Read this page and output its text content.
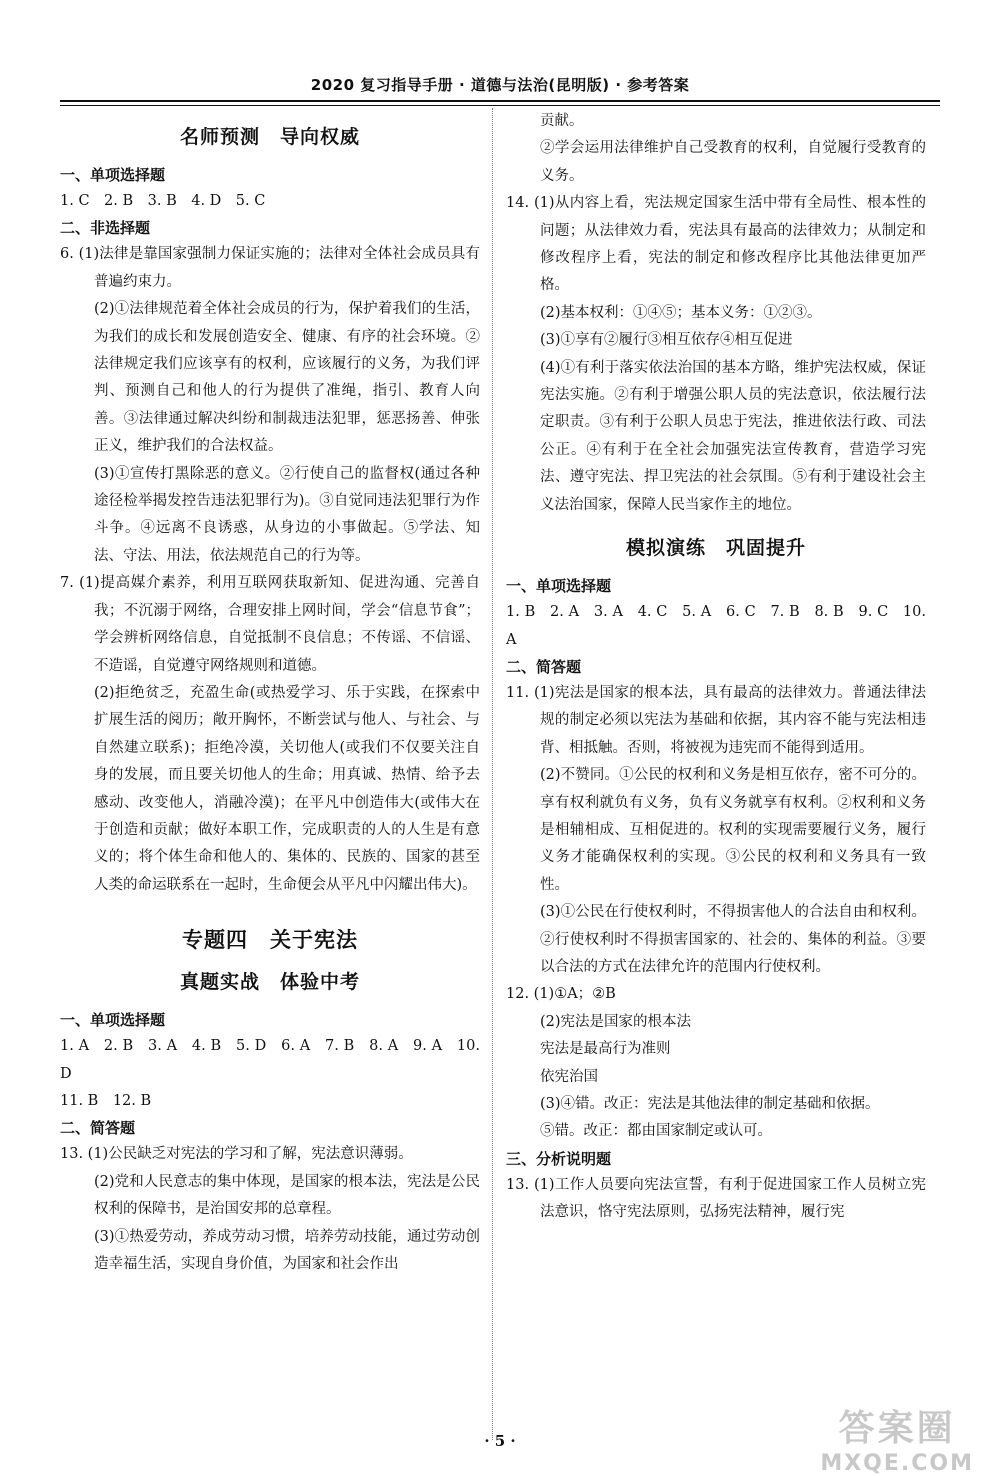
2020 复习指导手册 · 道德与法治(昆明版) · 参考答案
名师预测　导向权威

一、单项选择题

1. C　2. B　3. B　4. D　5. C

二、非选择题

6. (1)法律是靠国家强制力保证实施的；法律对全体社会成员具有普遍约束力。

(2)①法律规范着全体社会成员的行为，保护着我们的生活，为我们的成长和发展创造安全、健康、有序的社会环境。②法律规定我们应该享有的权利，应该履行的义务，为我们评判、预测自己和他人的行为提供了准绳，指引、教育人向善。③法律通过解决纠纷和制裁违法犯罪，惩恶扬善、伸张正义，维护我们的合法权益。

(3)①宣传打黑除恶的意义。②行使自己的监督权(通过各种途径检举揭发控告违法犯罪行为)。③自觉同违法犯罪行为作斗争。④远离不良诱惑，从身边的小事做起。⑤学法、知法、守法、用法，依法规范自己的行为等。

7. (1)提高媒介素养，利用互联网获取新知、促进沟通、完善自我；不沉溺于网络，合理安排上网时间，学会“信息节食”；学会辨析网络信息，自觉抵制不良信息；不传谣、不信谣、不造谣，自觉遵守网络规则和道德。

(2)拒绝贫乏，充盈生命(或热爱学习、乐于实践，在探索中扩展生活的阅历；敞开胸怀，不断尝试与他人、与社会、与自然建立联系)；拒绝冷漠，关切他人(或我们不仅要关注自身的发展，而且要关切他人的生命；用真诚、热情、给予去感动、改变他人，消融冷漠)；在平凡中创造伟大(或伟大在于创造和贡献；做好本职工作，完成职责的人的人生是有意义的；将个体生命和他人的、集体的、民族的、国家的甚至人类的命运联系在一起时，生命便会从平凡中闪耀出伟大)。

专题四　关于宪法
真题实战　体验中考

一、单项选择题

1. A　2. B　3. A　4. B　5. D　6. A　7. B　8. A　9. A　10. D

11. B　12. B

二、简答题

13. (1)公民缺乏对宪法的学习和了解，宪法意识薄弱。

(2)党和人民意志的集中体现，是国家的根本法，宪法是公民权利的保障书，是治国安邦的总章程。

(3)①热爱劳动，养成劳动习惯，培养劳动技能，通过劳动创造幸福生活，实现自身价值，为国家和社会作出

贡献。

②学会运用法律维护自己受教育的权利，自觉履行受教育的义务。

14. (1)从内容上看，宪法规定国家生活中带有全局性、根本性的问题；从法律效力看，宪法具有最高的法律效力；从制定和修改程序上看，宪法的制定和修改程序比其他法律更加严格。

(2)基本权利：①④⑤；基本义务：①②③。

(3)①享有②履行③相互依存④相互促进

(4)①有利于落实依法治国的基本方略，维护宪法权威，保证宪法实施。②有利于增强公职人员的宪法意识，依法履行法定职责。③有利于公职人员忠于宪法，推进依法行政、司法公正。④有利于在全社会加强宪法宣传教育，营造学习宪法、遵守宪法、捍卫宪法的社会氛围。⑤有利于建设社会主义法治国家，保障人民当家作主的地位。

模拟演练　巩固提升

一、单项选择题

1. B　2. A　3. A　4. C　5. A　6. C　7. B　8. B　9. C　10. A

二、简答题

11. (1)宪法是国家的根本法，具有最高的法律效力。普通法律法规的制定必须以宪法为基础和依据，其内容不能与宪法相违背、相抵触。否则，将被视为违宪而不能得到适用。

(2)不赞同。①公民的权利和义务是相互依存，密不可分的。享有权利就负有义务，负有义务就享有权利。②权利和义务是相辅相成、互相促进的。权利的实现需要履行义务，履行义务才能确保权利的实现。③公民的权利和义务具有一致性。

(3)①公民在行使权利时，不得损害他人的合法自由和权利。②行使权利时不得损害国家的、社会的、集体的利益。③要以合法的方式在法律允许的范围内行使权利。

12. (1)①A；②B

(2)宪法是国家的根本法

宪法是最高行为准则

依宪治国

(3)④错。改正：宪法是其他法律的制定基础和依据。

⑤错。改正：都由国家制定或认可。

三、分析说明题

13. (1)工作人员要向宪法宣誓，有利于促进国家工作人员树立宪法意识，恪守宪法原则，弘扬宪法精神，履行宪

· 5 ·	答案圈
MXQE.COM
